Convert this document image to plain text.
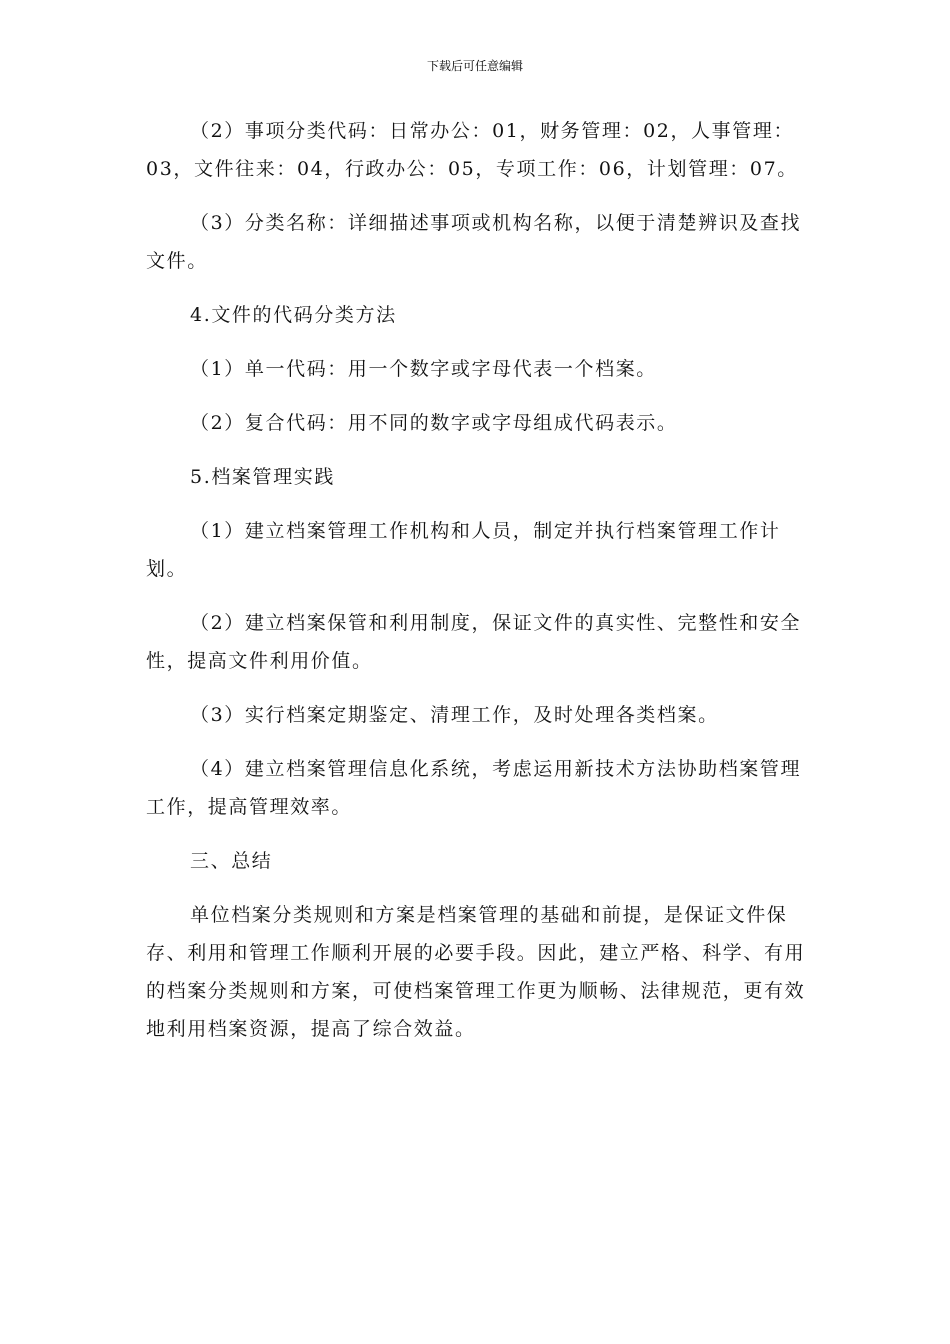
下载后可任意编辑

（2）事项分类代码：日常办公：01，财务管理：02，人事管理：03，文件往来：04，行政办公：05，专项工作：06，计划管理：07。

（3）分类名称：详细描述事项或机构名称，以便于清楚辨识及查找文件。

4.文件的代码分类方法

（1）单一代码：用一个数字或字母代表一个档案。

（2）复合代码：用不同的数字或字母组成代码表示。

5.档案管理实践

（1）建立档案管理工作机构和人员，制定并执行档案管理工作计划。

（2）建立档案保管和利用制度，保证文件的真实性、完整性和安全性，提高文件利用价值。

（3）实行档案定期鉴定、清理工作，及时处理各类档案。

（4）建立档案管理信息化系统，考虑运用新技术方法协助档案管理工作，提高管理效率。

三、总结

单位档案分类规则和方案是档案管理的基础和前提，是保证文件保存、利用和管理工作顺利开展的必要手段。因此，建立严格、科学、有用的档案分类规则和方案，可使档案管理工作更为顺畅、法律规范，更有效地利用档案资源，提高了综合效益。
